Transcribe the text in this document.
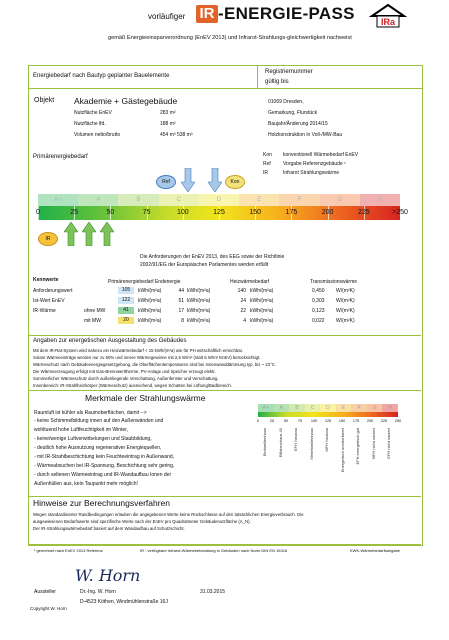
vorläufiger IR -ENERGIE-PASS	IRa
gemäß Energieeinsparverordnung (EnEV 2013) und Infrarot-Strahlungs-gleichwertigkeit nachweist
Energiebedarf nach Bautyp geplanter Bauelemente
Registriernummer
gültig bis
Objekt Akademie + Gästegebäude	01069 Dresden,
Primärenergiebedarf	Kon konventionell Wärmebedarf EnEV
Ref Vorgabe Referenzgebäude ¹
IR	Infrarot Strahlungswärme
Ref	Kon
A+	A	B	C	D	E	F	G	H
IR
Die Anforderungen der EnEV 2013, des EEG sowie der Richtlinie
2002/91/EG der Europäischen Parlamentes werden erfüllt
Kennwerte	Primärenergiebedarf Endenergie	Heizwärmebedarf	Transmissionswärme
Angaben zur energetischen Ausgestaltung des Gebäudes
Merkmale der Strahlungswärme
Raumluft ist kühler als Raumoberflächen, damit -->
A+	A	B	C	D	E	F	G	H
Hinweise zur Berechnungsverfahren
¹ gerechnet nach EnEV 2013 Referenz	IR - verfügbare Infrarot-Wärmebehandlung in Gebäuden nach Norm DIN EN 15316	KWK-Wärmebedarfsangabe
W. Horn
Aussteller	Dr.-Ing. W. Horn	31.03.2015
D-4523 Köthen, Windmühlenstraße 16J
Copyright W. Horn
Nutzfläche EnEV	283 m²
Nutzfläche lfd.	188 m²
Volumen netto/brutto	454 m³ 538 m³
Gemarkung, Flurstück
Baujahr/Änderung 2014/15
Holzkonstruktion in Voll-/MW-Bau
0	25	50	75	100	125	150	175	200	225	>250
Anforderungswert	105	kWh/(m²a)	44 kWh/(m²a)	140 kWh/(m²a)	0,450 W/(m²K)
Ist-Wert EnEV	122	kWh/(m²a)	51 kWh/(m²a)	24 kWh/(m²a)	0,303 W/(m²K)
IR-Wärme	ohne MW	41	kWh/(m²a)	17 kWh/(m²a)	22 kWh/(m²a)	0,123 W/(m²K)
mit MW	20	kWh/(m²a)	8 kWh/(m²a)	4 kWh/(m²a)	0,022 W/(m²K)
Mit dem IR-Rat-System wird nahezu ein Heizwärmebedarf < 15 kWh/(m²a) wie für PH wirtschaftlich erreichbar.
Solare Wärmeeinträge werden nur zu 50% und innere Wärmegewinne mit 2,6 W/m² (statt 5 W/m² EnEV) berücksichtigt.
Wärmeschutz nach Gebäudeenergiegesetzgebung, die Oberflächentemperaturen sind bei Innenwanddämmung typ. bis ~ 23°C.
Die Wärmeerzeugung erfolgt mit Gas-Brennwerttherme, PV-Anlage und Speicher erzeugt elektr.
Sommerlicher Wärmeschutz durch außenliegende Verschattung, Außenfenster und Verschattung.
Innenbereich: IR-Strahlheizkörper (Wärmeschutz) ausreichend, wegen Schatten bei Lüftung/Badbereich.
- keine Schimmelbildung innen auf den Außenwänden und
wohltuend hohe Luftfeuchtigkeit im Winter,
- keine/wenige Luftverwirbelungen und Staubbildung,
- deutlich hohe Ausnutzung regenerativer Energiequellen,
- mit IR-Strahlbeschichtung kein Feuchteeintrag in Außenwand,
- Wärmeabsuchen bei IR-Spannung, Beschichtung sehr gering,
- durch seltenen Wärmeeintrag und IR-Wandaufbau Ionen der
Außenhüllen aus, kein Taupunkt mehr möglich!
0	25	50	75	100	125	150	175	200	225	250
Einfamilienhaus	Effizienzhaus 40	EFH Neubau	Mehrfamilienhaus	MFH Neubau	Energetisch modernisiert	EFH energetisch gut	MFH nicht saniert	EFH nicht saniert
Wegen standardisierter Randbedingungen erlauben die angegebenen Werte keine Rückschlüsse auf den tatsächlichen Energieverbrauch. Die
ausgewiesenen Bedarfswerte sind spezifische Werte nach der EnEV pro Quadratmeter Gebäudenutzfläche (A_N).
Der IR-Strahlungswärmebedarf basiert auf dem Wandaufbau auf Schutzschicht.
